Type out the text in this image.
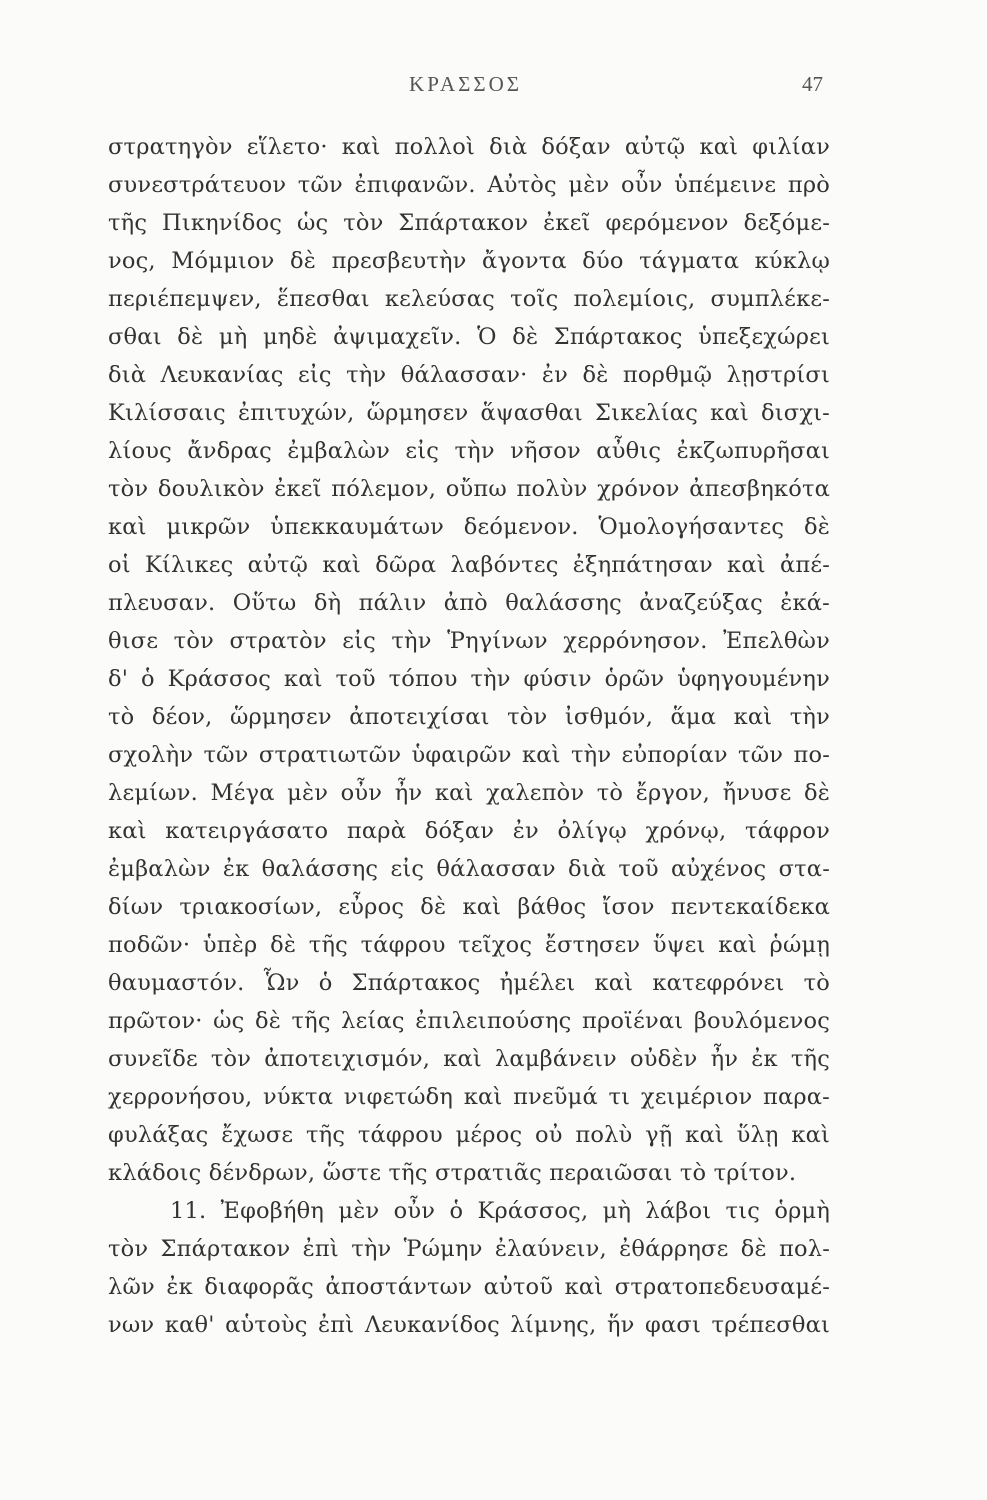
ΚΡΑΣΣΟΣ	47
στρατηγὸν εἵλετο· καὶ πολλοὶ διὰ δόξαν αὐτῷ καὶ φιλίαν
συνεστράτευον τῶν ἐπιφανῶν. Αὐτὸς μὲν οὖν ὑπέμεινε πρὸ
τῆς Πικηνίδος ὡς τὸν Σπάρτακον ἐκεῖ φερόμενον δεξόμε-
νος, Μόμμιον δὲ πρεσβευτὴν ἄγοντα δύο τάγματα κύκλῳ
περιέπεμψεν, ἕπεσθαι κελεύσας τοῖς πολεμίοις, συμπλέκε-
σθαι δὲ μὴ μηδὲ ἀψιμαχεῖν. Ὁ δὲ Σπάρτακος ὑπεξεχώρει
διὰ Λευκανίας εἰς τὴν θάλασσαν· ἐν δὲ πορθμῷ λῃστρίσι
Κιλίσσαις ἐπιτυχών, ὥρμησεν ἅψασθαι Σικελίας καὶ δισχι-
λίους ἄνδρας ἐμβαλὼν εἰς τὴν νῆσον αὖθις ἐκζωπυρῆσαι
τὸν δουλικὸν ἐκεῖ πόλεμον, οὔπω πολὺν χρόνον ἀπεσβηκότα
καὶ μικρῶν ὑπεκκαυμάτων δεόμενον. Ὁμολογήσαντες δὲ
οἱ Κίλικες αὐτῷ καὶ δῶρα λαβόντες ἐξηπάτησαν καὶ ἀπέ-
πλευσαν. Οὕτω δὴ πάλιν ἀπὸ θαλάσσης ἀναζεύξας ἐκά-
θισε τὸν στρατὸν εἰς τὴν Ῥηγίνων χερρόνησον. Ἐπελθὼν
δ' ὁ Κράσσος καὶ τοῦ τόπου τὴν φύσιν ὁρῶν ὑφηγουμένην
τὸ δέον, ὥρμησεν ἀποτειχίσαι τὸν ἰσθμόν, ἅμα καὶ τὴν
σχολὴν τῶν στρατιωτῶν ὑφαιρῶν καὶ τὴν εὐπορίαν τῶν πο-
λεμίων. Μέγα μὲν οὖν ἦν καὶ χαλεπὸν τὸ ἔργον, ἤνυσε δὲ
καὶ κατειργάσατο παρὰ δόξαν ἐν ὀλίγῳ χρόνῳ, τάφρον
ἐμβαλὼν ἐκ θαλάσσης εἰς θάλασσαν διὰ τοῦ αὐχένος στα-
δίων τριακοσίων, εὖρος δὲ καὶ βάθος ἴσον πεντεκαίδεκα
ποδῶν· ὑπὲρ δὲ τῆς τάφρου τεῖχος ἔστησεν ὕψει καὶ ῥώμῃ
θαυμαστόν. Ὧν ὁ Σπάρτακος ἠμέλει καὶ κατεφρόνει τὸ
πρῶτον· ὡς δὲ τῆς λείας ἐπιλειπούσης προϊέναι βουλόμενος
συνεῖδε τὸν ἀποτειχισμόν, καὶ λαμβάνειν οὐδὲν ἦν ἐκ τῆς
χερρονήσου, νύκτα νιφετώδη καὶ πνεῦμά τι χειμέριον παρα-
φυλάξας ἔχωσε τῆς τάφρου μέρος οὐ πολὺ γῇ καὶ ὕλῃ καὶ
κλάδοις δένδρων, ὥστε τῆς στρατιᾶς περαιῶσαι τὸ τρίτον.
11. Ἐφοβήθη μὲν οὖν ὁ Κράσσος, μὴ λάβοι τις ὁρμὴ
τὸν Σπάρτακον ἐπὶ τὴν Ῥώμην ἐλαύνειν, ἐθάρρησε δὲ πολ-
λῶν ἐκ διαφορᾶς ἀποστάντων αὐτοῦ καὶ στρατοπεδευσαμέ-
νων καθ' αὑτοὺς ἐπὶ Λευκανίδος λίμνης, ἥν φασι τρέπεσθαι
